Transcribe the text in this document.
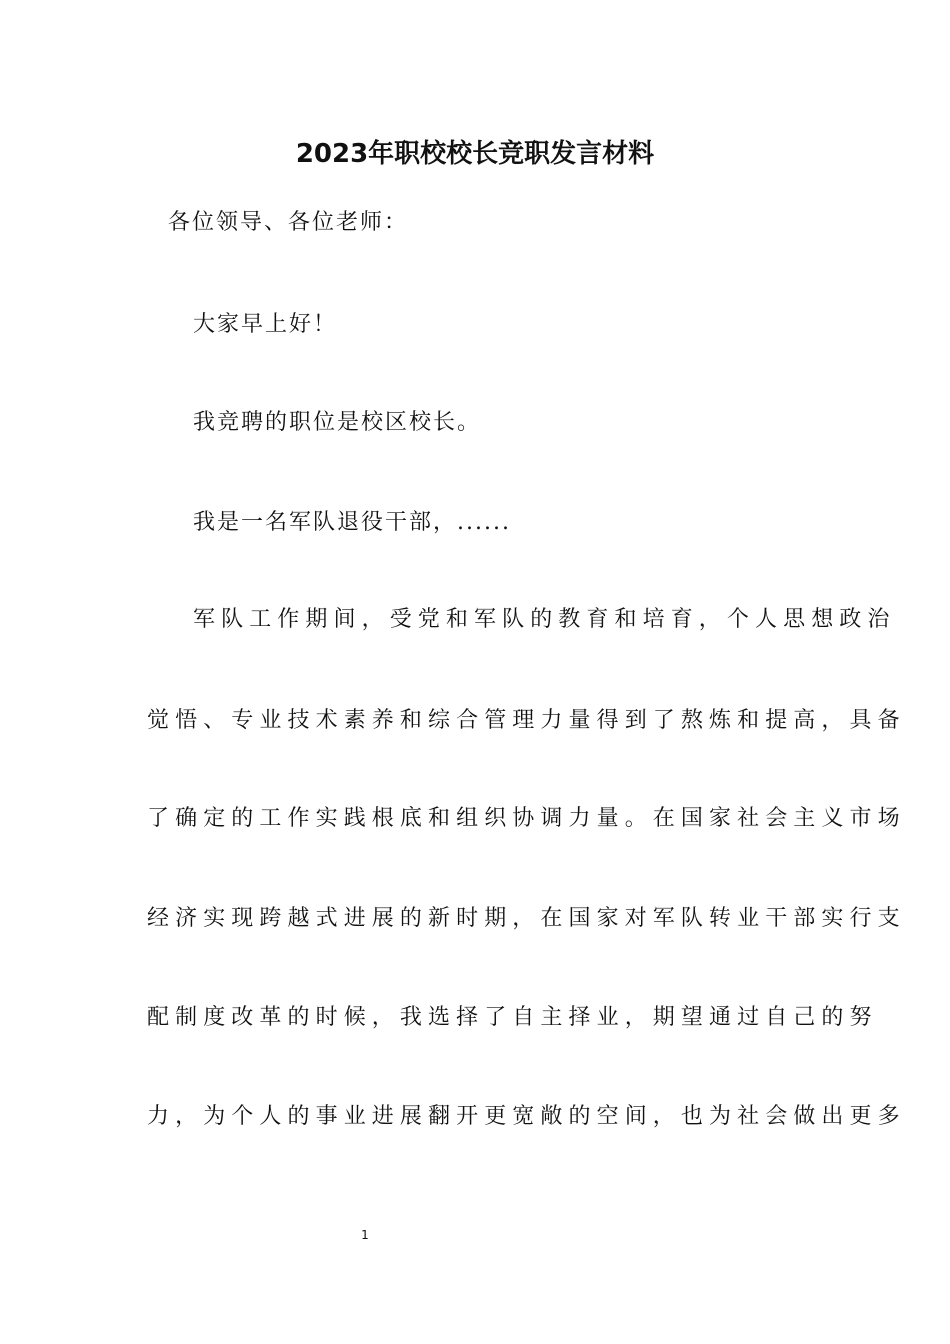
2023年职校校长竞职发言材料

各位领导、各位老师：

大家早上好！

我竞聘的职位是校区校长。

我是一名军队退役干部，......

军队工作期间，受党和军队的教育和培育，个人思想政治

觉悟、专业技术素养和综合管理力量得到了熬炼和提高，具备

了确定的工作实践根底和组织协调力量。在国家社会主义市场

经济实现跨越式进展的新时期，在国家对军队转业干部实行支

配制度改革的时候，我选择了自主择业，期望通过自己的努

力，为个人的事业进展翻开更宽敞的空间，也为社会做出更多

1
